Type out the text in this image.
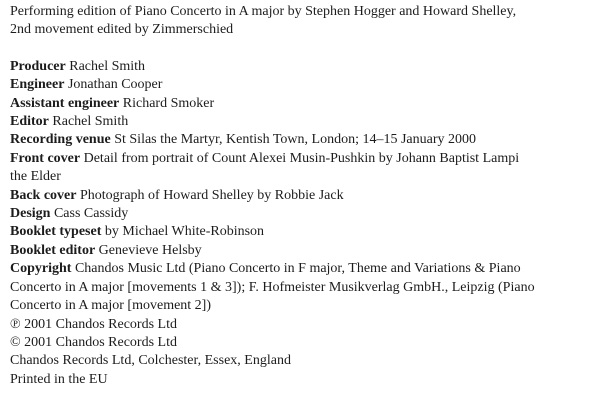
Performing edition of Piano Concerto in A major by Stephen Hogger and Howard Shelley,

2nd movement edited by Zimmerschied

Producer Rachel Smith

Engineer Jonathan Cooper

Assistant engineer Richard Smoker

Editor Rachel Smith

Recording venue St Silas the Martyr, Kentish Town, London; 14–15 January 2000

Front cover Detail from portrait of Count Alexei Musin-Pushkin by Johann Baptist Lampi

the Elder

Back cover Photograph of Howard Shelley by Robbie Jack

Design Cass Cassidy

Booklet typeset by Michael White-Robinson

Booklet editor Genevieve Helsby

Copyright Chandos Music Ltd (Piano Concerto in F major, Theme and Variations & Piano

Concerto in A major [movements 1 & 3]); F. Hofmeister Musikverlag GmbH., Leipzig (Piano

Concerto in A major [movement 2])

℗ 2001 Chandos Records Ltd

© 2001 Chandos Records Ltd

Chandos Records Ltd, Colchester, Essex, England

Printed in the EU
